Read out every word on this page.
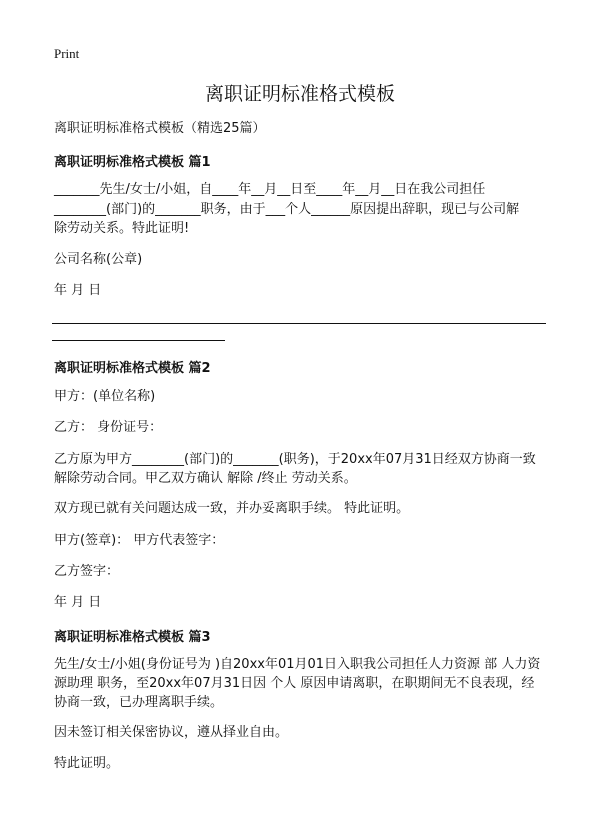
Print
离职证明标准格式模板
离职证明标准格式模板（精选25篇）
离职证明标准格式模板 篇1
_______先生/女士/小姐，自____年__月__日至____年__月__日在我公司担任
________(部门)的_______职务，由于___个人______原因提出辞职，现已与公司解
除劳动关系。特此证明!
公司名称(公章)
年 月 日
离职证明标准格式模板 篇2
甲方：(单位名称)
乙方： 身份证号：
乙方原为甲方________(部门)的_______(职务)，于20xx年07月31日经双方协商一致
解除劳动合同。甲乙双方确认 解除 /终止 劳动关系。
双方现已就有关问题达成一致，并办妥离职手续。 特此证明。
甲方(签章)： 甲方代表签字：
乙方签字：
年 月 日
离职证明标准格式模板 篇3
先生/女士/小姐(身份证号为 )自20xx年01月01日入职我公司担任人力资源 部 人力资
源助理 职务，至20xx年07月31日因 个人 原因申请离职，在职期间无不良表现，经
协商一致，已办理离职手续。
因未签订相关保密协议，遵从择业自由。
特此证明。
